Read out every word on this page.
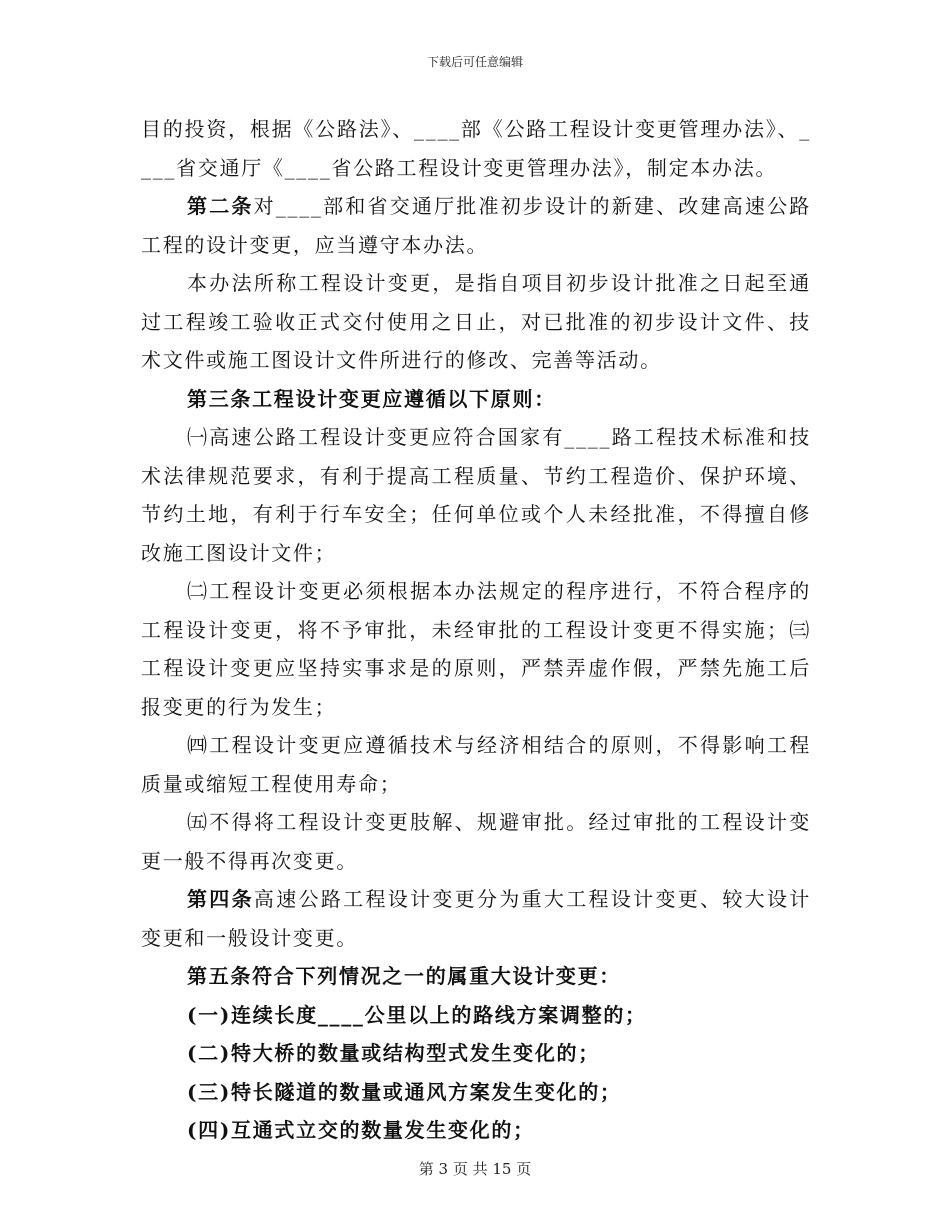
下载后可任意编辑

目的投资，根据《公路法》、____部《公路工程设计变更管理办法》、____省交通厅《____省公路工程设计变更管理办法》，制定本办法。

第二条对____部和省交通厅批准初步设计的新建、改建高速公路工程的设计变更，应当遵守本办法。

本办法所称工程设计变更，是指自项目初步设计批准之日起至通过工程竣工验收正式交付使用之日止，对已批准的初步设计文件、技术文件或施工图设计文件所进行的修改、完善等活动。

第三条工程设计变更应遵循以下原则：

㈠高速公路工程设计变更应符合国家有____路工程技术标准和技术法律规范要求，有利于提高工程质量、节约工程造价、保护环境、节约土地，有利于行车安全；任何单位或个人未经批准，不得擅自修改施工图设计文件；

㈡工程设计变更必须根据本办法规定的程序进行，不符合程序的工程设计变更，将不予审批，未经审批的工程设计变更不得实施；㈢工程设计变更应坚持实事求是的原则，严禁弄虚作假，严禁先施工后报变更的行为发生；

㈣工程设计变更应遵循技术与经济相结合的原则，不得影响工程质量或缩短工程使用寿命；

㈤不得将工程设计变更肢解、规避审批。经过审批的工程设计变更一般不得再次变更。

第四条高速公路工程设计变更分为重大工程设计变更、较大设计变更和一般设计变更。

第五条符合下列情况之一的属重大设计变更：

(一)连续长度____公里以上的路线方案调整的；

(二)特大桥的数量或结构型式发生变化的；

(三)特长隧道的数量或通风方案发生变化的；

(四)互通式立交的数量发生变化的；

第 3 页 共 15 页
